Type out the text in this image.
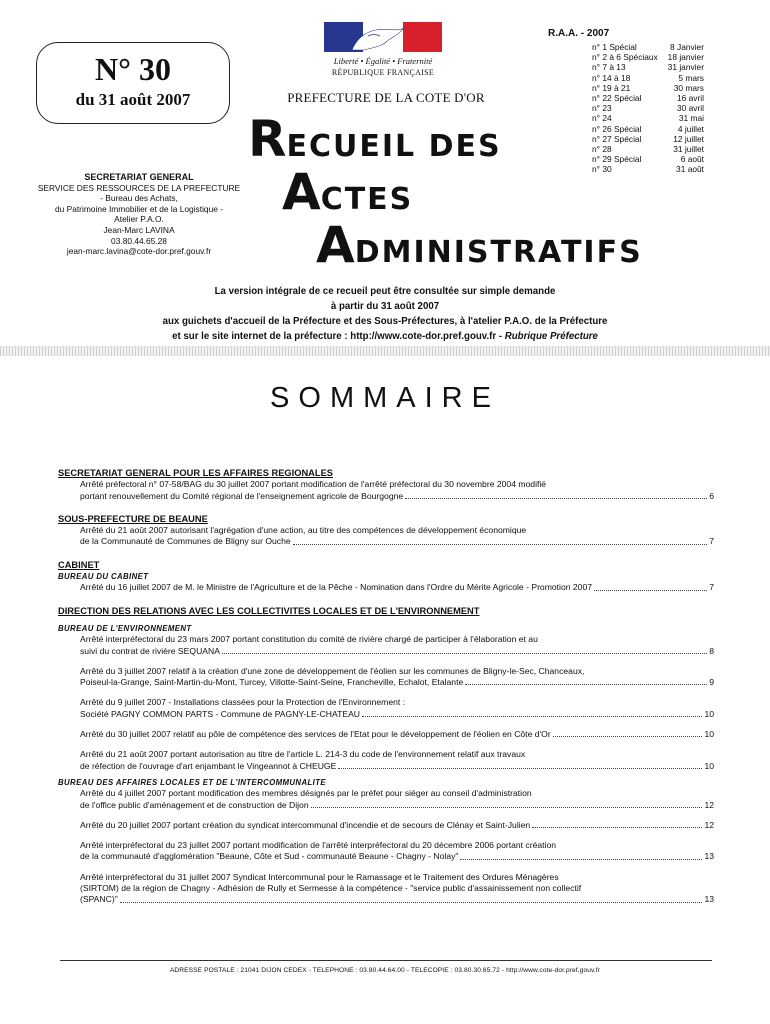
Liberté • Égalité • Fraternité
RÉPUBLIQUE FRANÇAISE
PREFECTURE DE LA COTE D'OR
N° 30
du 31 août 2007
SECRETARIAT GENERAL
SERVICE DES RESSOURCES DE LA PREFECTURE
- Bureau des Achats,
du Patrimoine Immobilier et de la Logistique -
Atelier P.A.O.
Jean-Marc LAVINA
03.80.44.65.28
jean-marc.lavina@cote-dor.pref.gouv.fr
RECUEIL DES
ACTES
ADMINISTRATIFS
R.A.A. - 2007
n° 1 Spécial	8 Janvier
n° 2 à 6 Spéciaux 18 janvier
n° 7 à 13	31 janvier
n° 14 à 18	5 mars
n° 19 à 21	30 mars
n° 22 Spécial	16 avril
n° 23	30 avril
n° 24	31 mai
n° 26 Spécial	4 juillet
n° 27 Spécial	12 juillet
n° 28	31 juillet
n° 29 Spécial	6 août
n° 30	31 août
La version intégrale de ce recueil peut être consultée sur simple demande
à partir du 31 août 2007
aux guichets d'accueil de la Préfecture et des Sous-Préfectures, à l'atelier P.A.O. de la Préfecture
et sur le site internet de la préfecture : http://www.cote-dor.pref.gouv.fr - Rubrique Préfecture
SOMMAIRE
SECRETARIAT GENERAL POUR LES AFFAIRES REGIONALES
Arrêté préfectoral n° 07-58/BAG du 30 juillet 2007 portant modification de l'arrêté préfectoral du 30 novembre 2004 modifié
portant renouvellement du Comité régional de l'enseignement agricole de Bourgogne	6
SOUS-PREFECTURE DE BEAUNE
Arrêté du 21 août 2007 autorisant l'agrégation d'une action, au titre des compétences de développement économique
de la Communauté de Communes de Bligny sur Ouche	7
CABINET
BUREAU DU CABINET
Arrêté du 16 juillet 2007 de M. le Ministre de l'Agriculture et de la Pêche - Nomination dans l'Ordre du Mérite Agricole - Promotion 2007	7
DIRECTION DES RELATIONS AVEC LES COLLECTIVITES LOCALES ET DE L'ENVIRONNEMENT
BUREAU DE L'ENVIRONNEMENT
Arrêté interpréfectoral du 23 mars 2007 portant constitution du comité de rivière chargé de participer à l'élaboration et au
suivi du contrat de rivière SEQUANA	8
Arrêté du 3 juillet 2007 relatif à la création d'une zone de développement de l'éolien sur les communes de Bligny-le-Sec, Chanceaux,
Poiseul-la-Grange, Saint-Martin-du-Mont, Turcey, Villotte-Saint-Seine, Francheville, Echalot, Etalante	9
Arrêté du 9 juillet 2007 - Installations classées pour la Protection de l'Environnement :
Société PAGNY COMMON PARTS - Commune de PAGNY-LE-CHATEAU	10
Arrêté du 30 juillet 2007 relatif au pôle de compétence des services de l'Etat pour le développement de l'éolien en Côte d'Or	10
Arrêté du 21 août 2007 portant autorisation au titre de l'article L. 214-3 du code de l'environnement relatif aux travaux
de réfection de l'ouvrage d'art enjambant le Vingeannot à CHEUGE	10
BUREAU DES AFFAIRES LOCALES ET DE L'INTERCOMMUNALITE
Arrêté du 4 juillet 2007 portant modification des membres désignés par le préfet pour siéger au conseil d'administration
de l'office public d'aménagement et de construction de Dijon	12
Arrêté du 20 juillet 2007 portant création du syndicat intercommunal d'incendie et de secours de Clénay et Saint-Julien	12
Arrêté interpréfectoral du 23 juillet 2007 portant modification de l'arrêté interpréfectoral du 20 décembre 2006 portant création
de la communauté d'agglomération "Beaune, Côte et Sud - communauté Beaune - Chagny - Nolay"	13
Arrêté interpréfectoral du 31 juillet 2007 Syndicat Intercommunal pour le Ramassage et le Traitement des Ordures Ménagères
(SIRTOM) de la région de Chagny - Adhésion de Rully et Sermesse à la compétence - "service public d'assainissement non collectif
(SPANC)"	13
ADRESSE POSTALE : 21041 DIJON CEDEX - TELEPHONE : 03.80.44.64.00 - TELECOPIE : 03.80.30.65.72 - http://www.cote-dor.pref.gouv.fr
